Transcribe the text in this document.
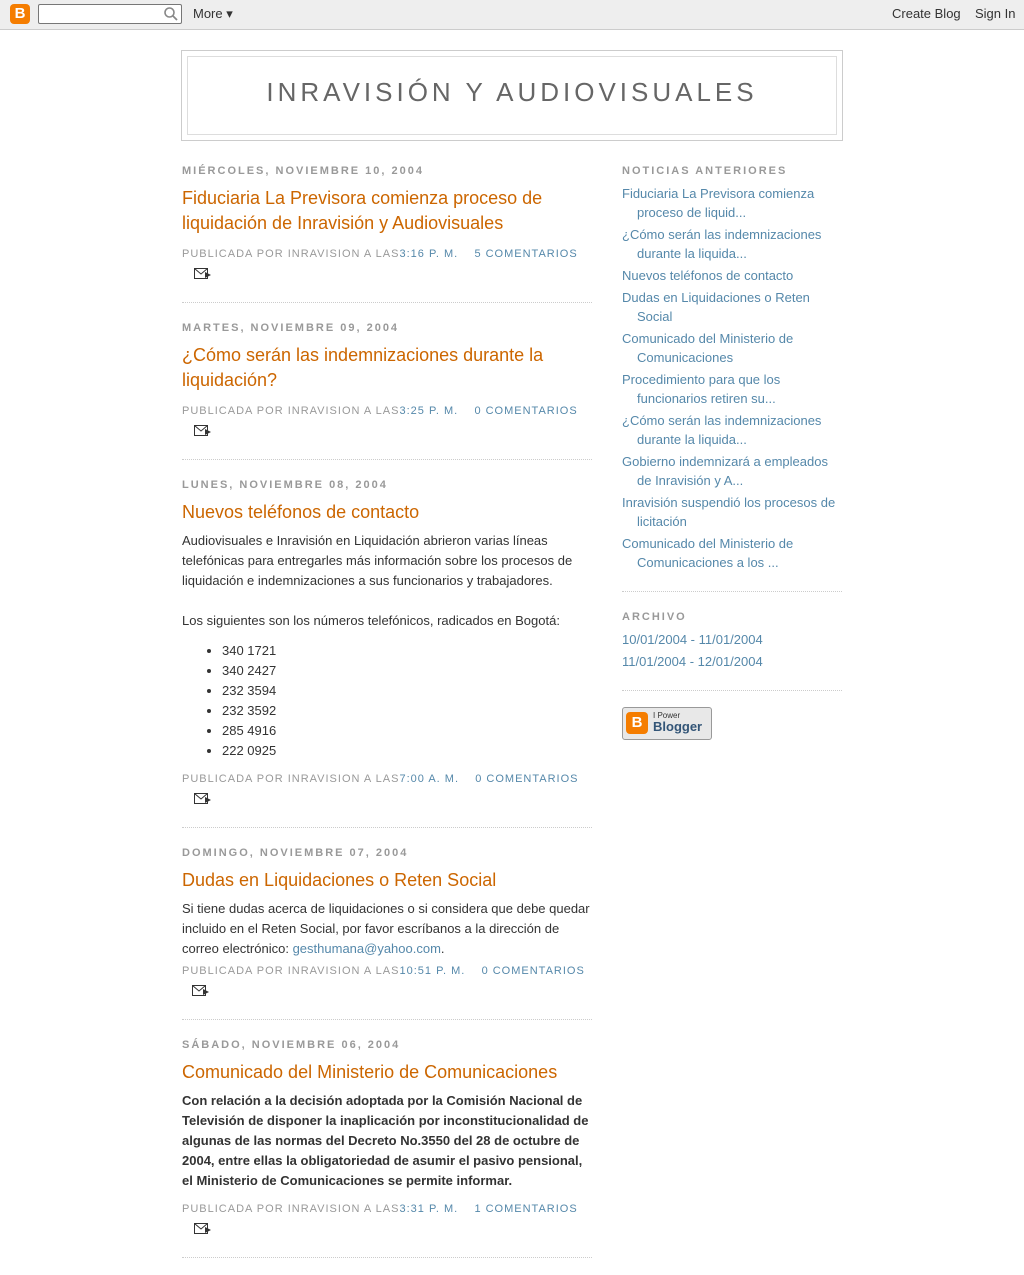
B	More ▾	Create Blog Sign In
INRAVISIÓN Y AUDIOVISUALES
MIÉRCOLES, NOVIEMBRE 10, 2004
Fiduciaria La Previsora comienza proceso de liquidación de Inravisión y Audiovisuales
PUBLICADA POR INRAVISION A LAS3:16 P. M. 5 COMENTARIOS
MARTES, NOVIEMBRE 09, 2004
¿Cómo serán las indemnizaciones durante la liquidación?
PUBLICADA POR INRAVISION A LAS3:25 P. M. 0 COMENTARIOS
LUNES, NOVIEMBRE 08, 2004
Nuevos teléfonos de contacto

Audiovisuales e Inravisión en Liquidación abrieron varias líneas telefónicas para entregarles más información sobre los procesos de liquidación e indemnizaciones a sus funcionarios y trabajadores.

Los siguientes son los números telefónicos, radicados en Bogotá:

• 340 1721
• 340 2427
• 232 3594
• 232 3592
• 285 4916
• 222 0925
PUBLICADA POR INRAVISION A LAS7:00 A. M. 0 COMENTARIOS
DOMINGO, NOVIEMBRE 07, 2004
Dudas en Liquidaciones o Reten Social

Si tiene dudas acerca de liquidaciones o si considera que debe quedar incluido en el Reten Social, por favor escríbanos a la dirección de correo electrónico: gesthumana@yahoo.com.

PUBLICADA POR INRAVISION A LAS10:51 P. M. 0 COMENTARIOS

SÁBADO, NOVIEMBRE 06, 2004
Comunicado del Ministerio de Comunicaciones

Con relación a la decisión adoptada por la Comisión Nacional de Televisión de disponer la inaplicación por inconstitucionalidad de algunas de las normas del Decreto No.3550 del 28 de octubre de 2004, entre ellas la obligatoriedad de asumir el pasivo pensional, el Ministerio de Comunicaciones se permite informar.

PUBLICADA POR INRAVISION A LAS3:31 P. M. 1 COMENTARIOS
NOTICIAS ANTERIORES
Fiduciaria La Previsora comienza proceso de liquid...
¿Cómo serán las indemnizaciones durante la liquida...
Nuevos teléfonos de contacto
Dudas en Liquidaciones o Reten Social
Comunicado del Ministerio de Comunicaciones
Procedimiento para que los funcionarios retiren su...
¿Cómo serán las indemnizaciones durante la liquida...
Gobierno indemnizará a empleados de Inravisión y A...
Inravisión suspendió los procesos de licitación
Comunicado del Ministerio de Comunicaciones a los ...
ARCHIVO
10/01/2004 - 11/01/2004
11/01/2004 - 12/01/2004
B	I Power
Blogger
